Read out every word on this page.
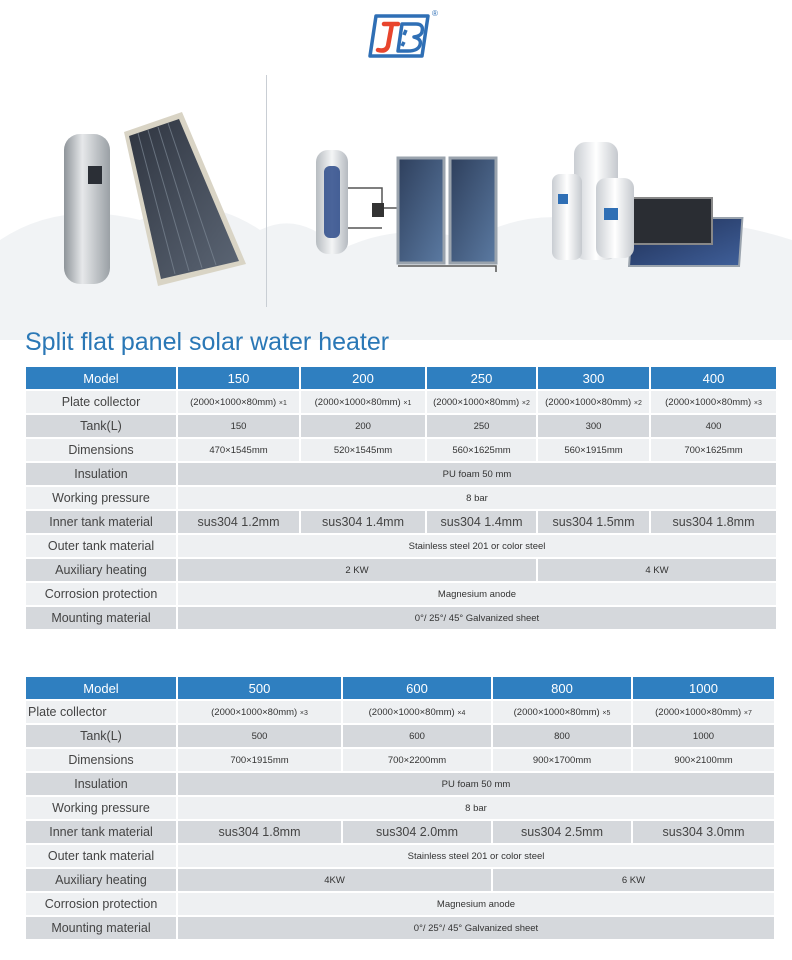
®
Split flat panel solar water heater
Model	150	200	250	300	400
Plate collector	(2000×1000×80mm) ×1	(2000×1000×80mm) ×1	(2000×1000×80mm) ×2	(2000×1000×80mm) ×2	(2000×1000×80mm) ×3
Tank(L)	150	200	250	300	400
Dimensions	470×1545mm	520×1545mm	560×1625mm	560×1915mm	700×1625mm
Insulation	PU foam 50 mm				
Working pressure	8 bar				
Inner tank material	sus304 1.2mm	sus304 1.4mm	sus304 1.4mm	sus304 1.5mm	sus304 1.8mm
Outer tank material	Stainless steel 201 or color steel				
Auxiliary heating	2 KW			4 KW	
Corrosion protection	Magnesium anode				
Mounting material	0°/ 25°/ 45° Galvanized sheet				
Model	500	600	800	1000
Plate collector	(2000×1000×80mm) ×3	(2000×1000×80mm) ×4	(2000×1000×80mm) ×5	(2000×1000×80mm) ×7
Tank(L)	500	600	800	1000
Dimensions	700×1915mm	700×2200mm	900×1700mm	900×2100mm
Insulation	PU foam 50 mm			
Working pressure	8 bar			
Inner tank material	sus304 1.8mm	sus304 2.0mm	sus304 2.5mm	sus304 3.0mm
Outer tank material	Stainless steel 201 or color steel			
Auxiliary heating	4KW		6 KW	
Corrosion protection	Magnesium anode			
Mounting material	0°/ 25°/ 45° Galvanized sheet			
